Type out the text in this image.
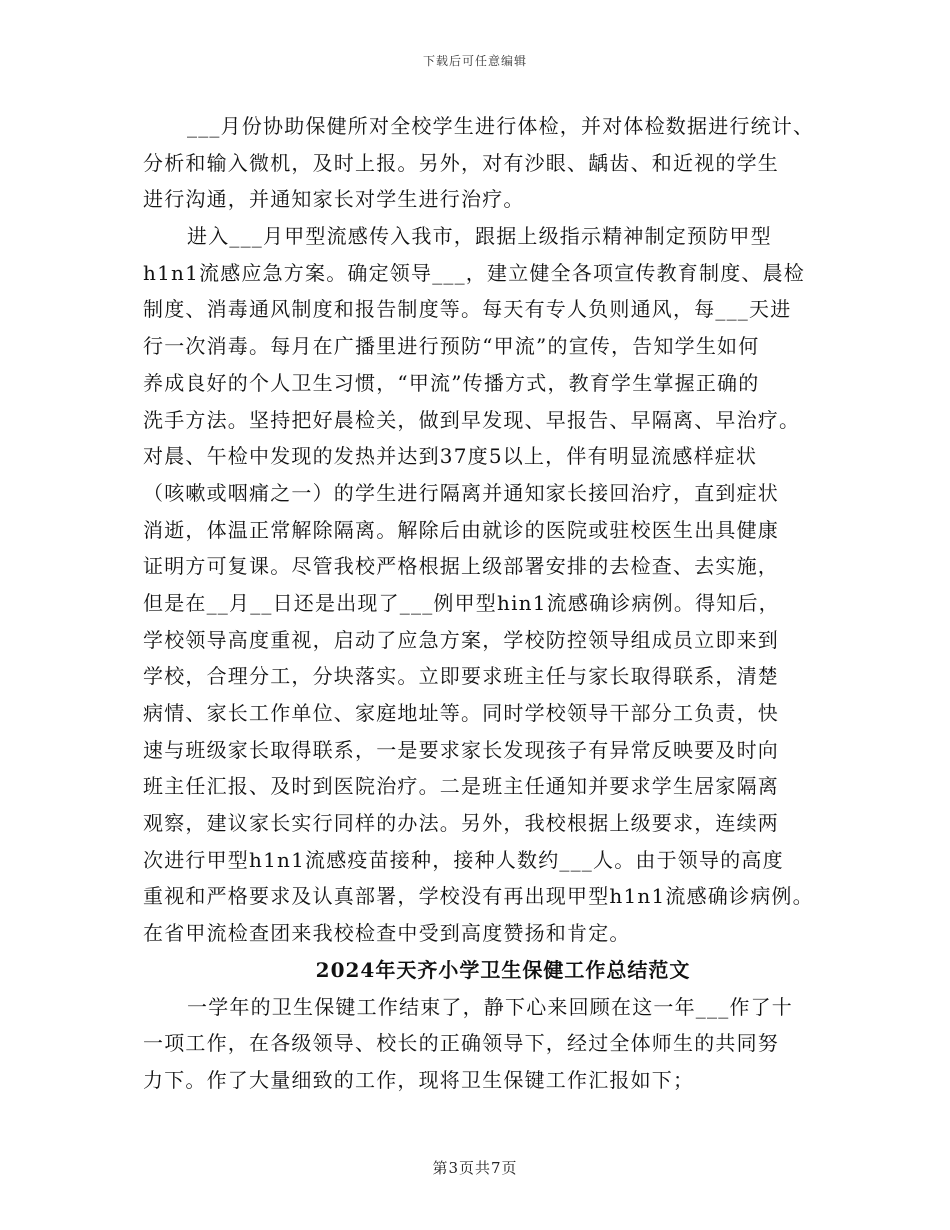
下载后可任意编辑
___月份协助保健所对全校学生进行体检，并对体检数据进行统计、
分析和输入微机，及时上报。另外，对有沙眼、龋齿、和近视的学生
进行沟通，并通知家长对学生进行治疗。
进入___月甲型流感传入我市，跟据上级指示精神制定预防甲型
h1n1流感应急方案。确定领导___，建立健全各项宣传教育制度、晨检
制度、消毒通风制度和报告制度等。每天有专人负则通风，每___天进
行一次消毒。每月在广播里进行预防“甲流”的宣传，告知学生如何
养成良好的个人卫生习惯，“甲流”传播方式，教育学生掌握正确的
洗手方法。坚持把好晨检关，做到早发现、早报告、早隔离、早治疗。
对晨、午检中发现的发热并达到37度5以上，伴有明显流感样症状
（咳嗽或咽痛之一）的学生进行隔离并通知家长接回治疗，直到症状
消逝，体温正常解除隔离。解除后由就诊的医院或驻校医生出具健康
证明方可复课。尽管我校严格根据上级部署安排的去检查、去实施，
但是在__月__日还是出现了___例甲型hin1流感确诊病例。得知后，
学校领导高度重视，启动了应急方案，学校防控领导组成员立即来到
学校，合理分工，分块落实。立即要求班主任与家长取得联系，清楚
病情、家长工作单位、家庭地址等。同时学校领导干部分工负责，快
速与班级家长取得联系，一是要求家长发现孩子有异常反映要及时向
班主任汇报、及时到医院治疗。二是班主任通知并要求学生居家隔离
观察，建议家长实行同样的办法。另外，我校根据上级要求，连续两
次进行甲型h1n1流感疫苗接种，接种人数约___人。由于领导的高度
重视和严格要求及认真部署，学校没有再出现甲型h1n1流感确诊病例。
在省甲流检查团来我校检查中受到高度赞扬和肯定。
2024年天齐小学卫生保健工作总结范文
一学年的卫生保键工作结束了，静下心来回顾在这一年___作了十
一项工作，在各级领导、校长的正确领导下，经过全体师生的共同努
力下。作了大量细致的工作，现将卫生保键工作汇报如下；
第3页共7页
